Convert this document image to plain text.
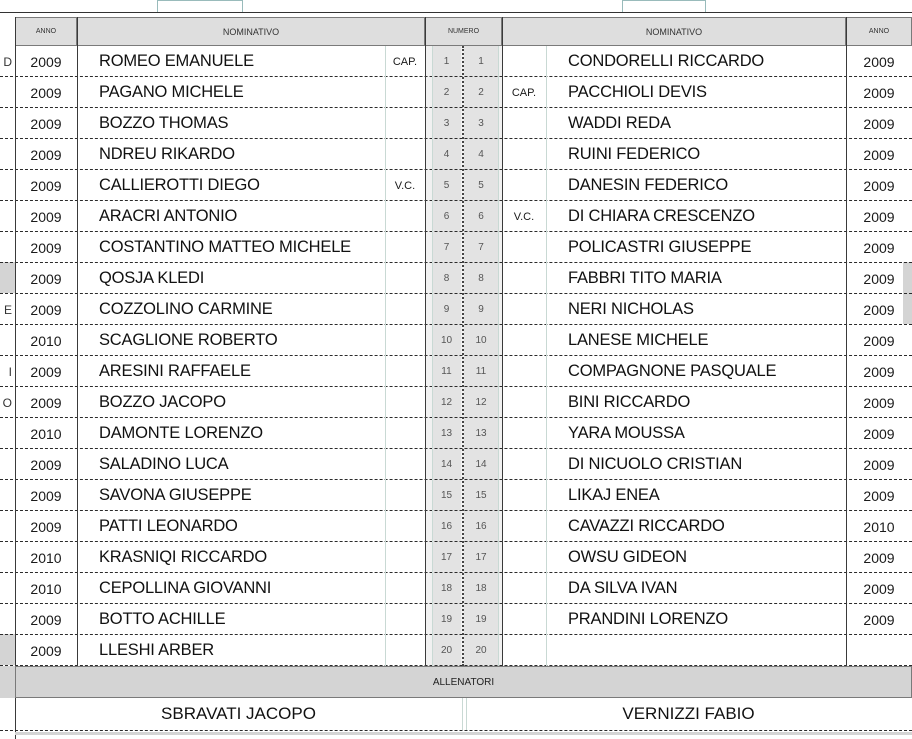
ANNO	NOMINATIVO	NUMERO	NOMINATIVO	ANNO
D
E
I
O
2009	ROMEO EMANUELE	CAP.	1	1	CONDORELLI RICCARDO	2009
2009	PAGANO MICHELE	2	2	CAP.	PACCHIOLI DEVIS	2009
2009	BOZZO THOMAS	3	3	WADDI REDA	2009
2009	NDREU RIKARDO	4	4	RUINI FEDERICO	2009
2009	CALLIEROTTI DIEGO	V.C.	5	5	DANESIN FEDERICO	2009
2009	ARACRI ANTONIO	6	6	V.C.	DI CHIARA CRESCENZO	2009
2009	COSTANTINO MATTEO MICHELE	7	7	POLICASTRI GIUSEPPE	2009
2009	QOSJA KLEDI	8	8	FABBRI TITO MARIA	2009
2009	COZZOLINO CARMINE	9	9	NERI NICHOLAS	2009
2010	SCAGLIONE ROBERTO	10	10	LANESE MICHELE	2009
2009	ARESINI RAFFAELE	11	11	COMPAGNONE PASQUALE	2009
2009	BOZZO JACOPO	12	12	BINI RICCARDO	2009
2010	DAMONTE LORENZO	13	13	YARA MOUSSA	2009
2009	SALADINO LUCA	14	14	DI NICUOLO CRISTIAN	2009
2009	SAVONA GIUSEPPE	15	15	LIKAJ ENEA	2009
2009	PATTI LEONARDO	16	16	CAVAZZI RICCARDO	2010
2010	KRASNIQI RICCARDO	17	17	OWSU GIDEON	2009
2010	CEPOLLINA GIOVANNI	18	18	DA SILVA IVAN	2009
2009	BOTTO ACHILLE	19	19	PRANDINI LORENZO	2009
2009	LLESHI ARBER	20	20
ALLENATORI
SBRAVATI JACOPO	VERNIZZI FABIO
